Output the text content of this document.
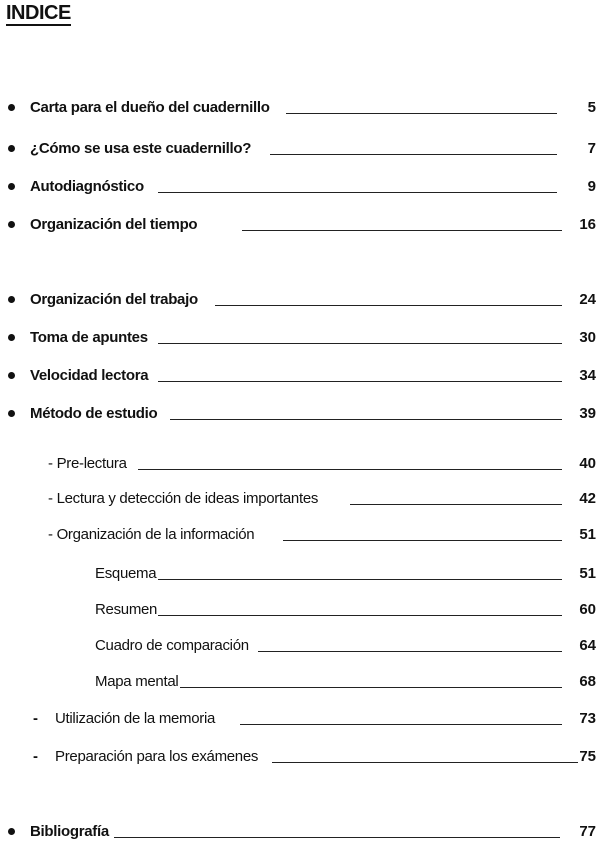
INDICE
Carta para el dueño del cuadernillo	5
¿Cómo se usa este cuadernillo?	7
Autodiagnóstico	9
Organización del tiempo	16
Organización del trabajo	24
Toma de apuntes	30
Velocidad lectora	34
Método de estudio	39
- Pre-lectura	40
- Lectura y detección de ideas importantes	42
- Organización de la información	51
Esquema	51
Resumen	60
Cuadro de comparación	64
Mapa mental	68
- Utilización de la memoria	73
- Preparación para los exámenes	75
Bibliografía	77
